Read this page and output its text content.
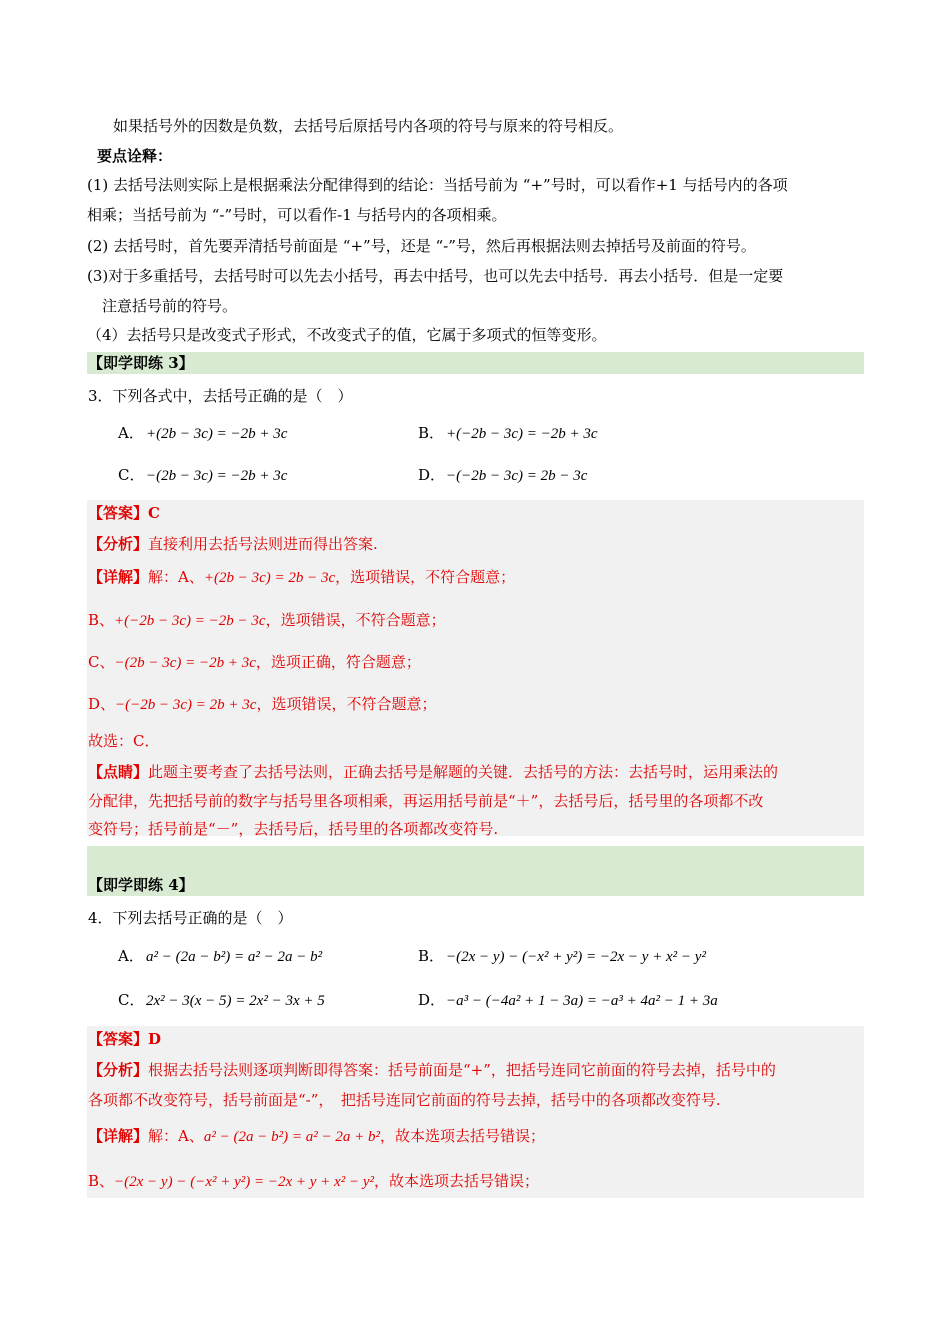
如果括号外的因数是负数，去括号后原括号内各项的符号与原来的符号相反。
要点诠释：
(1) 去括号法则实际上是根据乘法分配律得到的结论：当括号前为 “+”号时，可以看作+1 与括号内的各项
相乘；当括号前为 “-”号时，可以看作-1 与括号内的各项相乘。
(2) 去括号时，首先要弄清括号前面是 “+”号，还是 “-”号，然后再根据法则去掉括号及前面的符号。
(3)对于多重括号，去括号时可以先去小括号，再去中括号，也可以先去中括号．再去小括号．但是一定要
注意括号前的符号。
（4）去括号只是改变式子形式，不改变式子的值，它属于多项式的恒等变形。
【即学即练 3】
3．下列各式中，去括号正确的是（　）
A． +(2b − 3c) = −2b + 3c	B． +(−2b − 3c) = −2b + 3c
C． −(2b − 3c) = −2b + 3c	D．−(−2b − 3c) = 2b − 3c
【答案】C
【分析】直接利用去括号法则进而得出答案.
【详解】解：A、+(2b − 3c) = 2b − 3c，选项错误，不符合题意；
B、+(−2b − 3c) = −2b − 3c，选项错误，不符合题意；
C、−(2b − 3c) = −2b + 3c，选项正确，符合题意；
D、−(−2b − 3c) = 2b + 3c，选项错误，不符合题意；
故选：C．
【点睛】此题主要考查了去括号法则，正确去括号是解题的关键．去括号的方法：去括号时，运用乘法的
分配律，先把括号前的数字与括号里各项相乘，再运用括号前是“＋”，去括号后，括号里的各项都不改
变符号；括号前是“－”，去括号后，括号里的各项都改变符号.
【即学即练 4】
4．下列去括号正确的是（　）
A． a² − (2a − b²) = a² − 2a − b²	B． −(2x − y) − (−x² + y²) = −2x − y + x² − y²
C． 2x² − 3(x − 5) = 2x² − 3x + 5	D．−a³ − (−4a² + 1 − 3a) = −a³ + 4a² − 1 + 3a
【答案】D
【分析】根据去括号法则逐项判断即得答案：括号前面是“+”，把括号连同它前面的符号去掉，括号中的
各项都不改变符号，括号前面是“-”，　把括号连同它前面的符号去掉，括号中的各项都改变符号.
【详解】解：A、a² − (2a − b²) = a² − 2a + b²，故本选项去括号错误；
B、−(2x − y) − (−x² + y²) = −2x + y + x² − y²，故本选项去括号错误；
